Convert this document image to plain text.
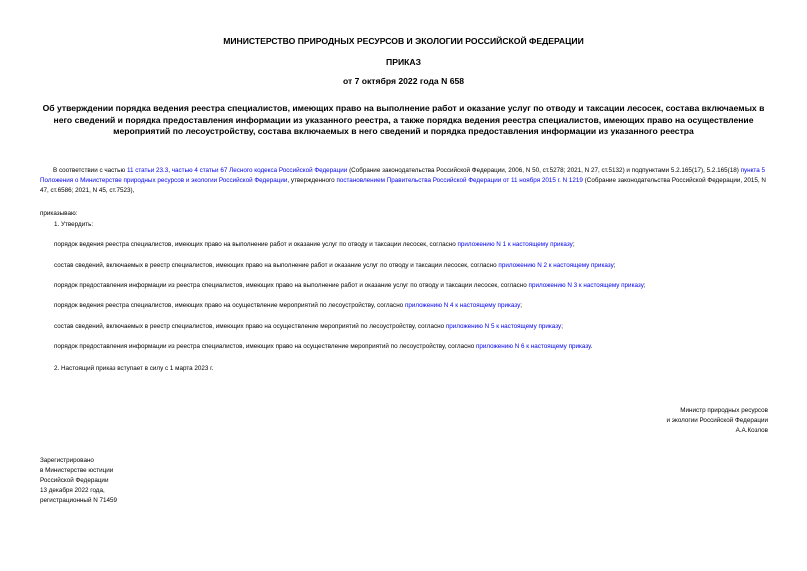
МИНИСТЕРСТВО ПРИРОДНЫХ РЕСУРСОВ И ЭКОЛОГИИ РОССИЙСКОЙ ФЕДЕРАЦИИ
ПРИКАЗ
от 7 октября 2022 года N 658
Об утверждении порядка ведения реестра специалистов, имеющих право на выполнение работ и оказание услуг по отводу и таксации лесосек, состава включаемых в него сведений и порядка предоставления информации из указанного реестра, а также порядка ведения реестра специалистов, имеющих право на осуществление мероприятий по лесоустройству, состава включаемых в него сведений и порядка предоставления информации из указанного реестра
В соответствии с частью 11 статьи 23.3, частью 4 статьи 67 Лесного кодекса Российской Федерации (Собрание законодательства Российской Федерации, 2006, N 50, ст.5278; 2021, N 27, ст.5132) и подпунктами 5.2.165(17), 5.2.165(18) пункта 5 Положения о Министерстве природных ресурсов и экологии Российской Федерации, утвержденного постановлением Правительства Российской Федерации от 11 ноября 2015 г. N 1219 (Собрание законодательства Российской Федерации, 2015, N 47, ст.6586; 2021, N 45, ст.7523),
приказываю:
1. Утвердить:
порядок ведения реестра специалистов, имеющих право на выполнение работ и оказание услуг по отводу и таксации лесосек, согласно приложению N 1 к настоящему приказу;
состав сведений, включаемых в реестр специалистов, имеющих право на выполнение работ и оказание услуг по отводу и таксации лесосек, согласно приложению N 2 к настоящему приказу;
порядок предоставления информации из реестра специалистов, имеющих право на выполнение работ и оказание услуг по отводу и таксации лесосек, согласно приложению N 3 к настоящему приказу;
порядок ведения реестра специалистов, имеющих право на осуществление мероприятий по лесоустройству, согласно приложению N 4 к настоящему приказу;
состав сведений, включаемых в реестр специалистов, имеющих право на осуществление мероприятий по лесоустройству, согласно приложению N 5 к настоящему приказу;
порядок предоставления информации из реестра специалистов, имеющих право на осуществление мероприятий по лесоустройству, согласно приложению N 6 к настоящему приказу.
2. Настоящий приказ вступает в силу с 1 марта 2023 г.
Министр природных ресурсов
и экологии Российской Федерации
А.А.Козлов
Зарегистрировано
в Министерстве юстиции
Российской Федерации
13 декабря 2022 года,
регистрационный N 71459
